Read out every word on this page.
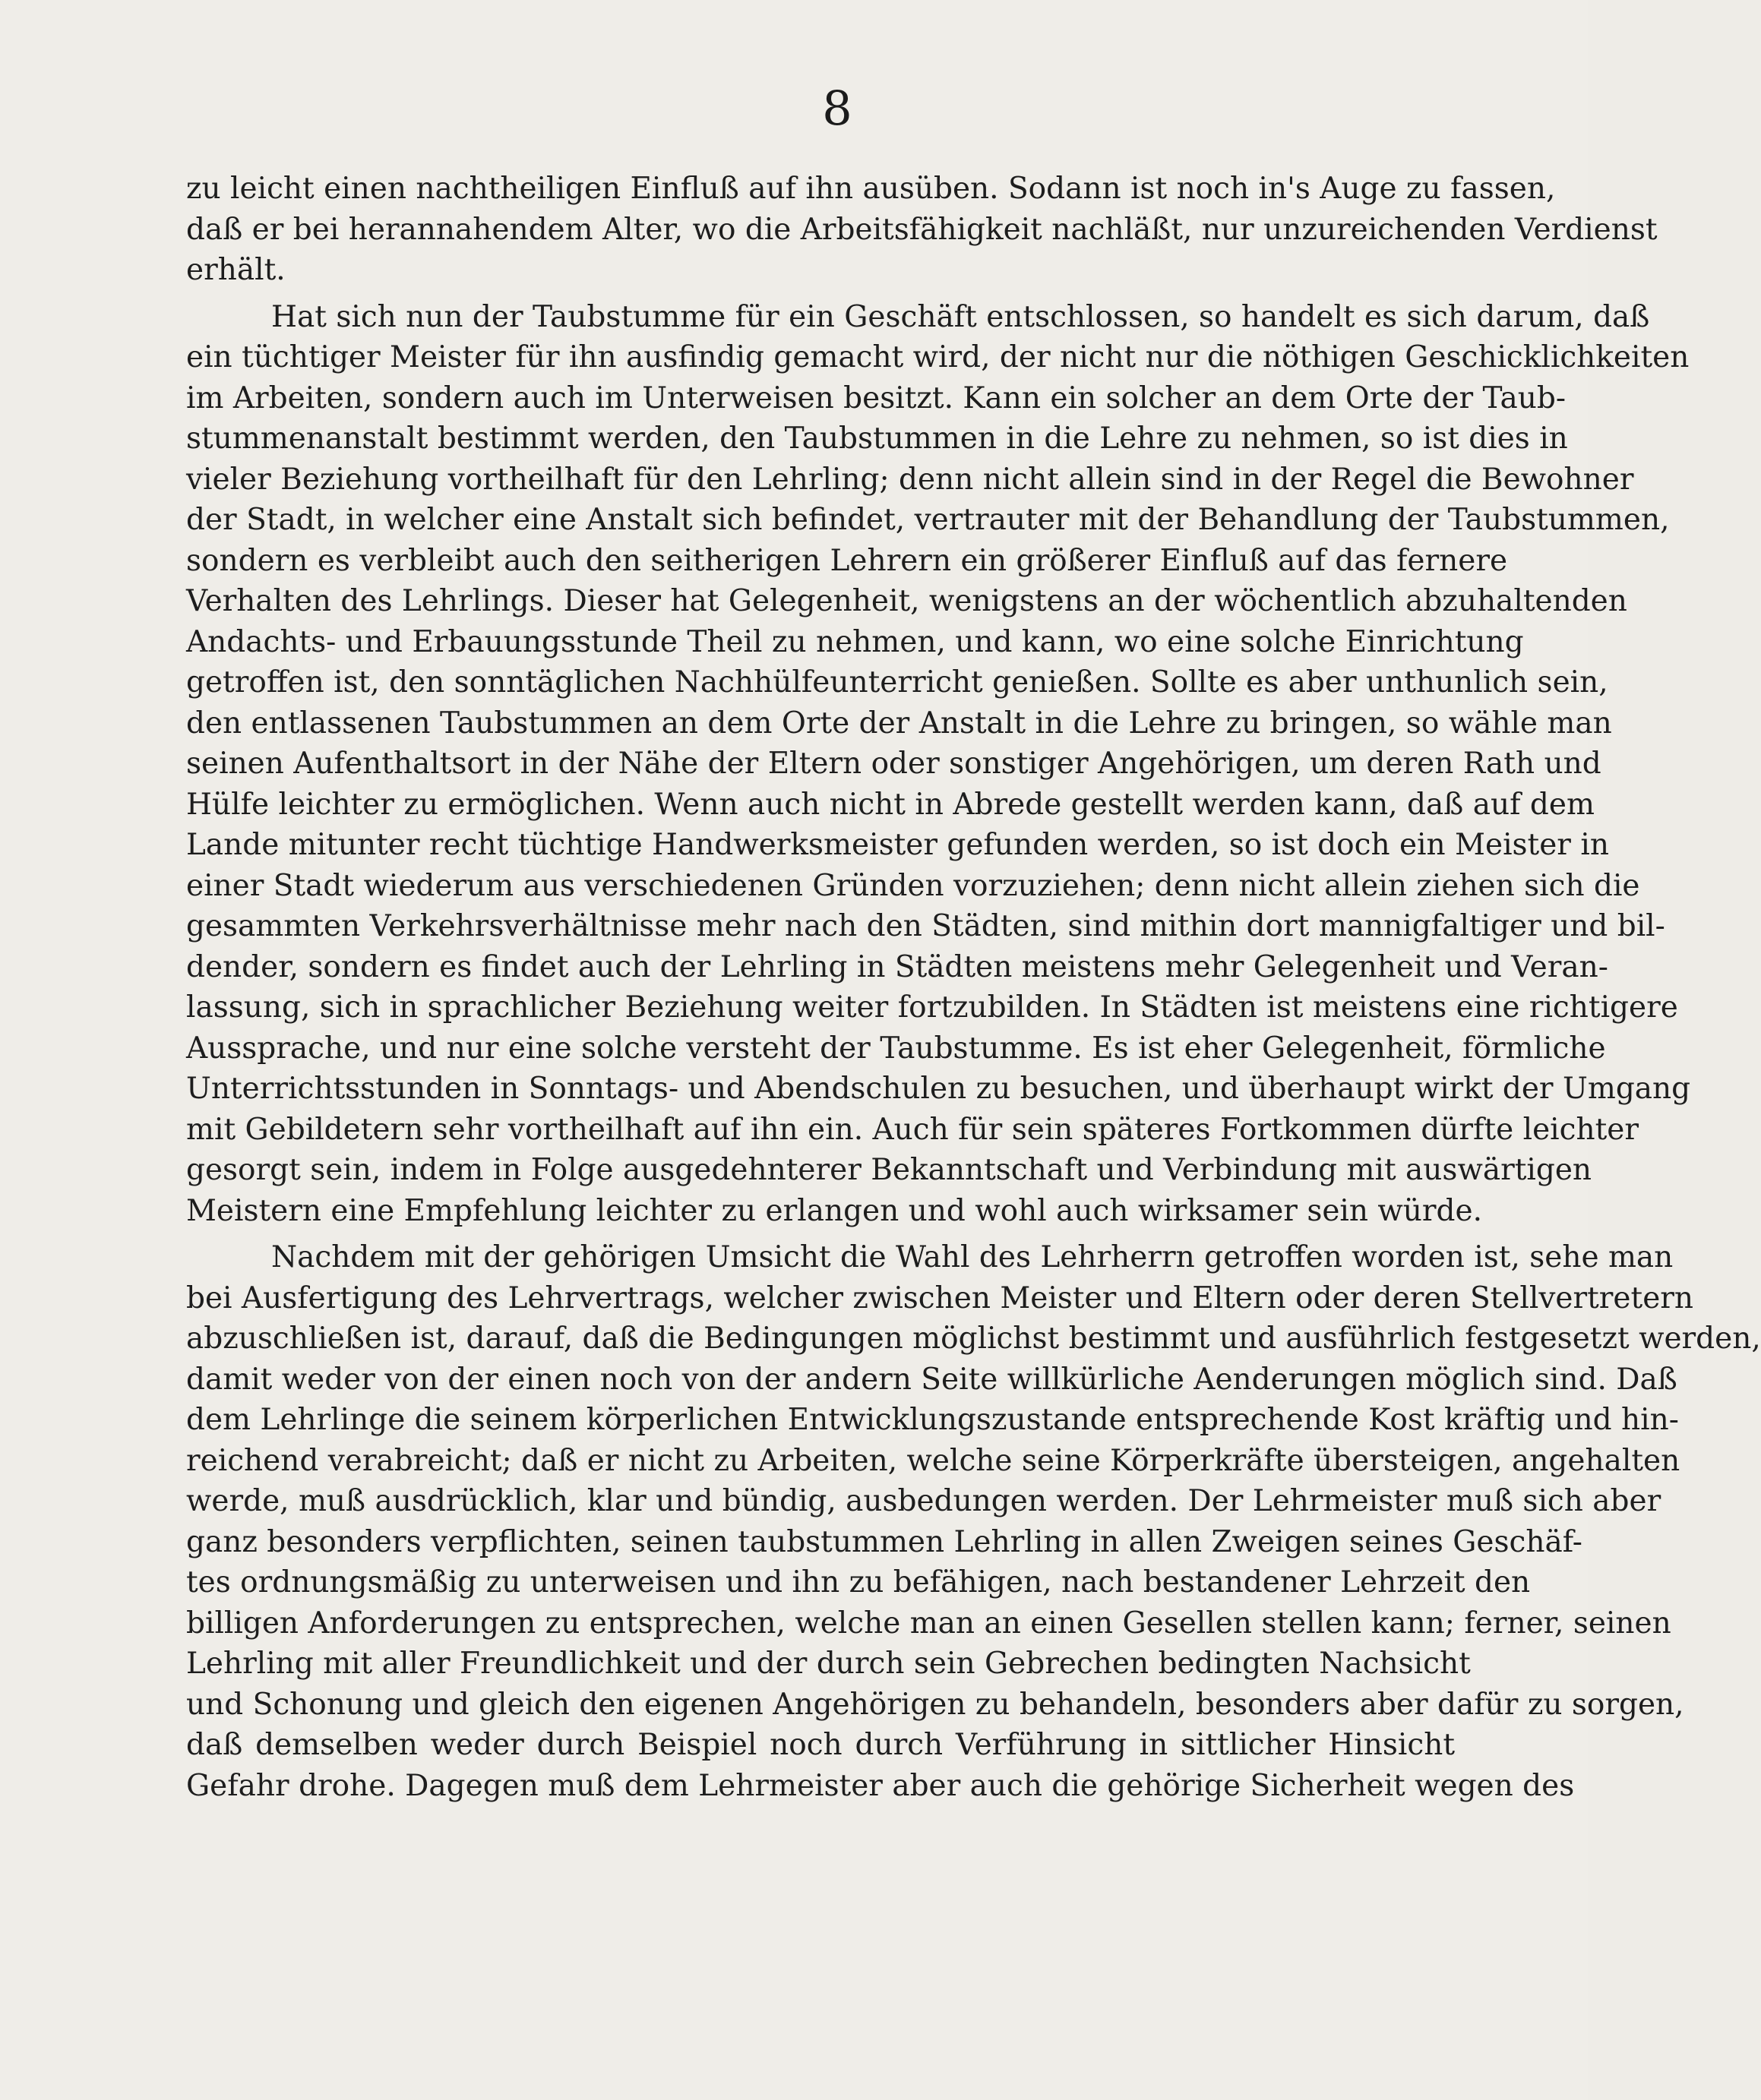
8
zu leicht einen nachtheiligen Einfluß auf ihn ausüben. Sodann ist noch in's Auge zu fassen,
daß er bei herannahendem Alter, wo die Arbeitsfähigkeit nachläßt, nur unzureichenden Verdienst
erhält.
Hat sich nun der Taubstumme für ein Geschäft entschlossen, so handelt es sich darum, daß
ein tüchtiger Meister für ihn ausfindig gemacht wird, der nicht nur die nöthigen Geschicklichkeiten
im Arbeiten, sondern auch im Unterweisen besitzt. Kann ein solcher an dem Orte der Taub-
stummenanstalt bestimmt werden, den Taubstummen in die Lehre zu nehmen, so ist dies in
vieler Beziehung vortheilhaft für den Lehrling; denn nicht allein sind in der Regel die Bewohner
der Stadt, in welcher eine Anstalt sich befindet, vertrauter mit der Behandlung der Taubstummen,
sondern es verbleibt auch den seitherigen Lehrern ein größerer Einfluß auf das fernere
Verhalten des Lehrlings. Dieser hat Gelegenheit, wenigstens an der wöchentlich abzuhaltenden
Andachts- und Erbauungsstunde Theil zu nehmen, und kann, wo eine solche Einrichtung
getroffen ist, den sonntäglichen Nachhülfeunterricht genießen. Sollte es aber unthunlich sein,
den entlassenen Taubstummen an dem Orte der Anstalt in die Lehre zu bringen, so wähle man
seinen Aufenthaltsort in der Nähe der Eltern oder sonstiger Angehörigen, um deren Rath und
Hülfe leichter zu ermöglichen. Wenn auch nicht in Abrede gestellt werden kann, daß auf dem
Lande mitunter recht tüchtige Handwerksmeister gefunden werden, so ist doch ein Meister in
einer Stadt wiederum aus verschiedenen Gründen vorzuziehen; denn nicht allein ziehen sich die
gesammten Verkehrsverhältnisse mehr nach den Städten, sind mithin dort mannigfaltiger und bil-
dender, sondern es findet auch der Lehrling in Städten meistens mehr Gelegenheit und Veran-
lassung, sich in sprachlicher Beziehung weiter fortzubilden. In Städten ist meistens eine richtigere
Aussprache, und nur eine solche versteht der Taubstumme. Es ist eher Gelegenheit, förmliche
Unterrichtsstunden in Sonntags- und Abendschulen zu besuchen, und überhaupt wirkt der Umgang
mit Gebildetern sehr vortheilhaft auf ihn ein. Auch für sein späteres Fortkommen dürfte leichter
gesorgt sein, indem in Folge ausgedehnterer Bekanntschaft und Verbindung mit auswärtigen
Meistern eine Empfehlung leichter zu erlangen und wohl auch wirksamer sein würde.
Nachdem mit der gehörigen Umsicht die Wahl des Lehrherrn getroffen worden ist, sehe man
bei Ausfertigung des Lehrvertrags, welcher zwischen Meister und Eltern oder deren Stellvertretern
abzuschließen ist, darauf, daß die Bedingungen möglichst bestimmt und ausführlich festgesetzt werden,
damit weder von der einen noch von der andern Seite willkürliche Aenderungen möglich sind. Daß
dem Lehrlinge die seinem körperlichen Entwicklungszustande entsprechende Kost kräftig und hin-
reichend verabreicht; daß er nicht zu Arbeiten, welche seine Körperkräfte übersteigen, angehalten
werde, muß ausdrücklich, klar und bündig, ausbedungen werden. Der Lehrmeister muß sich aber
ganz besonders verpflichten, seinen taubstummen Lehrling in allen Zweigen seines Geschäf-
tes ordnungsmäßig zu unterweisen und ihn zu befähigen, nach bestandener Lehrzeit den
billigen Anforderungen zu entsprechen, welche man an einen Gesellen stellen kann; ferner, seinen
Lehrling mit aller Freundlichkeit und der durch sein Gebrechen bedingten Nachsicht
und Schonung und gleich den eigenen Angehörigen zu behandeln, besonders aber dafür zu sorgen,
daß demselben weder durch Beispiel noch durch Verführung in sittlicher Hinsicht
Gefahr drohe. Dagegen muß dem Lehrmeister aber auch die gehörige Sicherheit wegen des
